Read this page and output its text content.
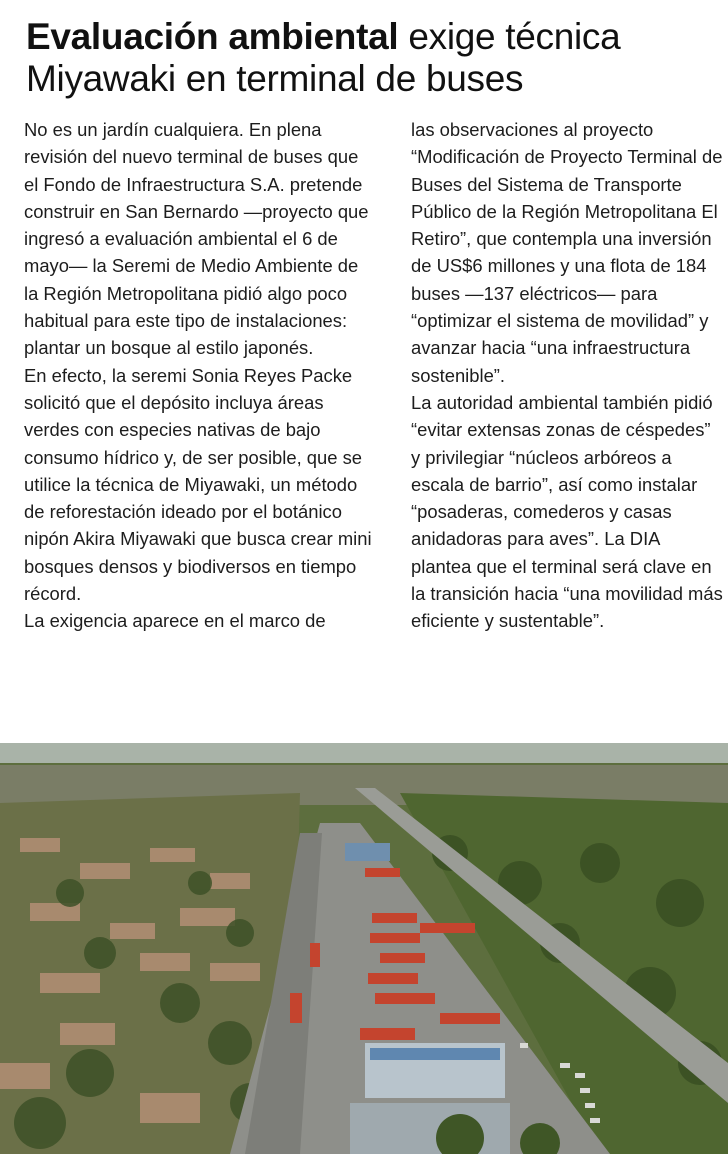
Evaluación ambiental exige técnica Miyawaki en terminal de buses

No es un jardín cualquiera. En plena revisión del nuevo terminal de buses que el Fondo de Infraestructura S.A. pretende construir en San Bernardo —proyecto que ingresó a evaluación ambiental el 6 de mayo— la Seremi de Medio Ambiente de la Región Metropolitana pidió algo poco habitual para este tipo de instalaciones: plantar un bosque al estilo japonés.

En efecto, la seremi Sonia Reyes Packe solicitó que el depósito incluya áreas verdes con especies nativas de bajo consumo hídrico y, de ser posible, que se utilice la técnica de Miyawaki, un método de reforestación ideado por el botánico nipón Akira Miyawaki que busca crear mini bosques densos y biodiversos en tiempo récord.

La exigencia aparece en el marco de

las observaciones al proyecto “Modificación de Proyecto Terminal de Buses del Sistema de Transporte Público de la Región Metropolitana El Retiro”, que contempla una inversión de US$6 millones y una flota de 184 buses —137 eléctricos— para “optimizar el sistema de movilidad” y avanzar hacia “una infraestructura sostenible”.

La autoridad ambiental también pidió “evitar extensas zonas de céspedes” y privilegiar “núcleos arbóreos a escala de barrio”, así como instalar “posaderas, comederos y casas anidadoras para aves”. La DIA plantea que el terminal será clave en la transición hacia “una movilidad más eficiente y sustentable”.
